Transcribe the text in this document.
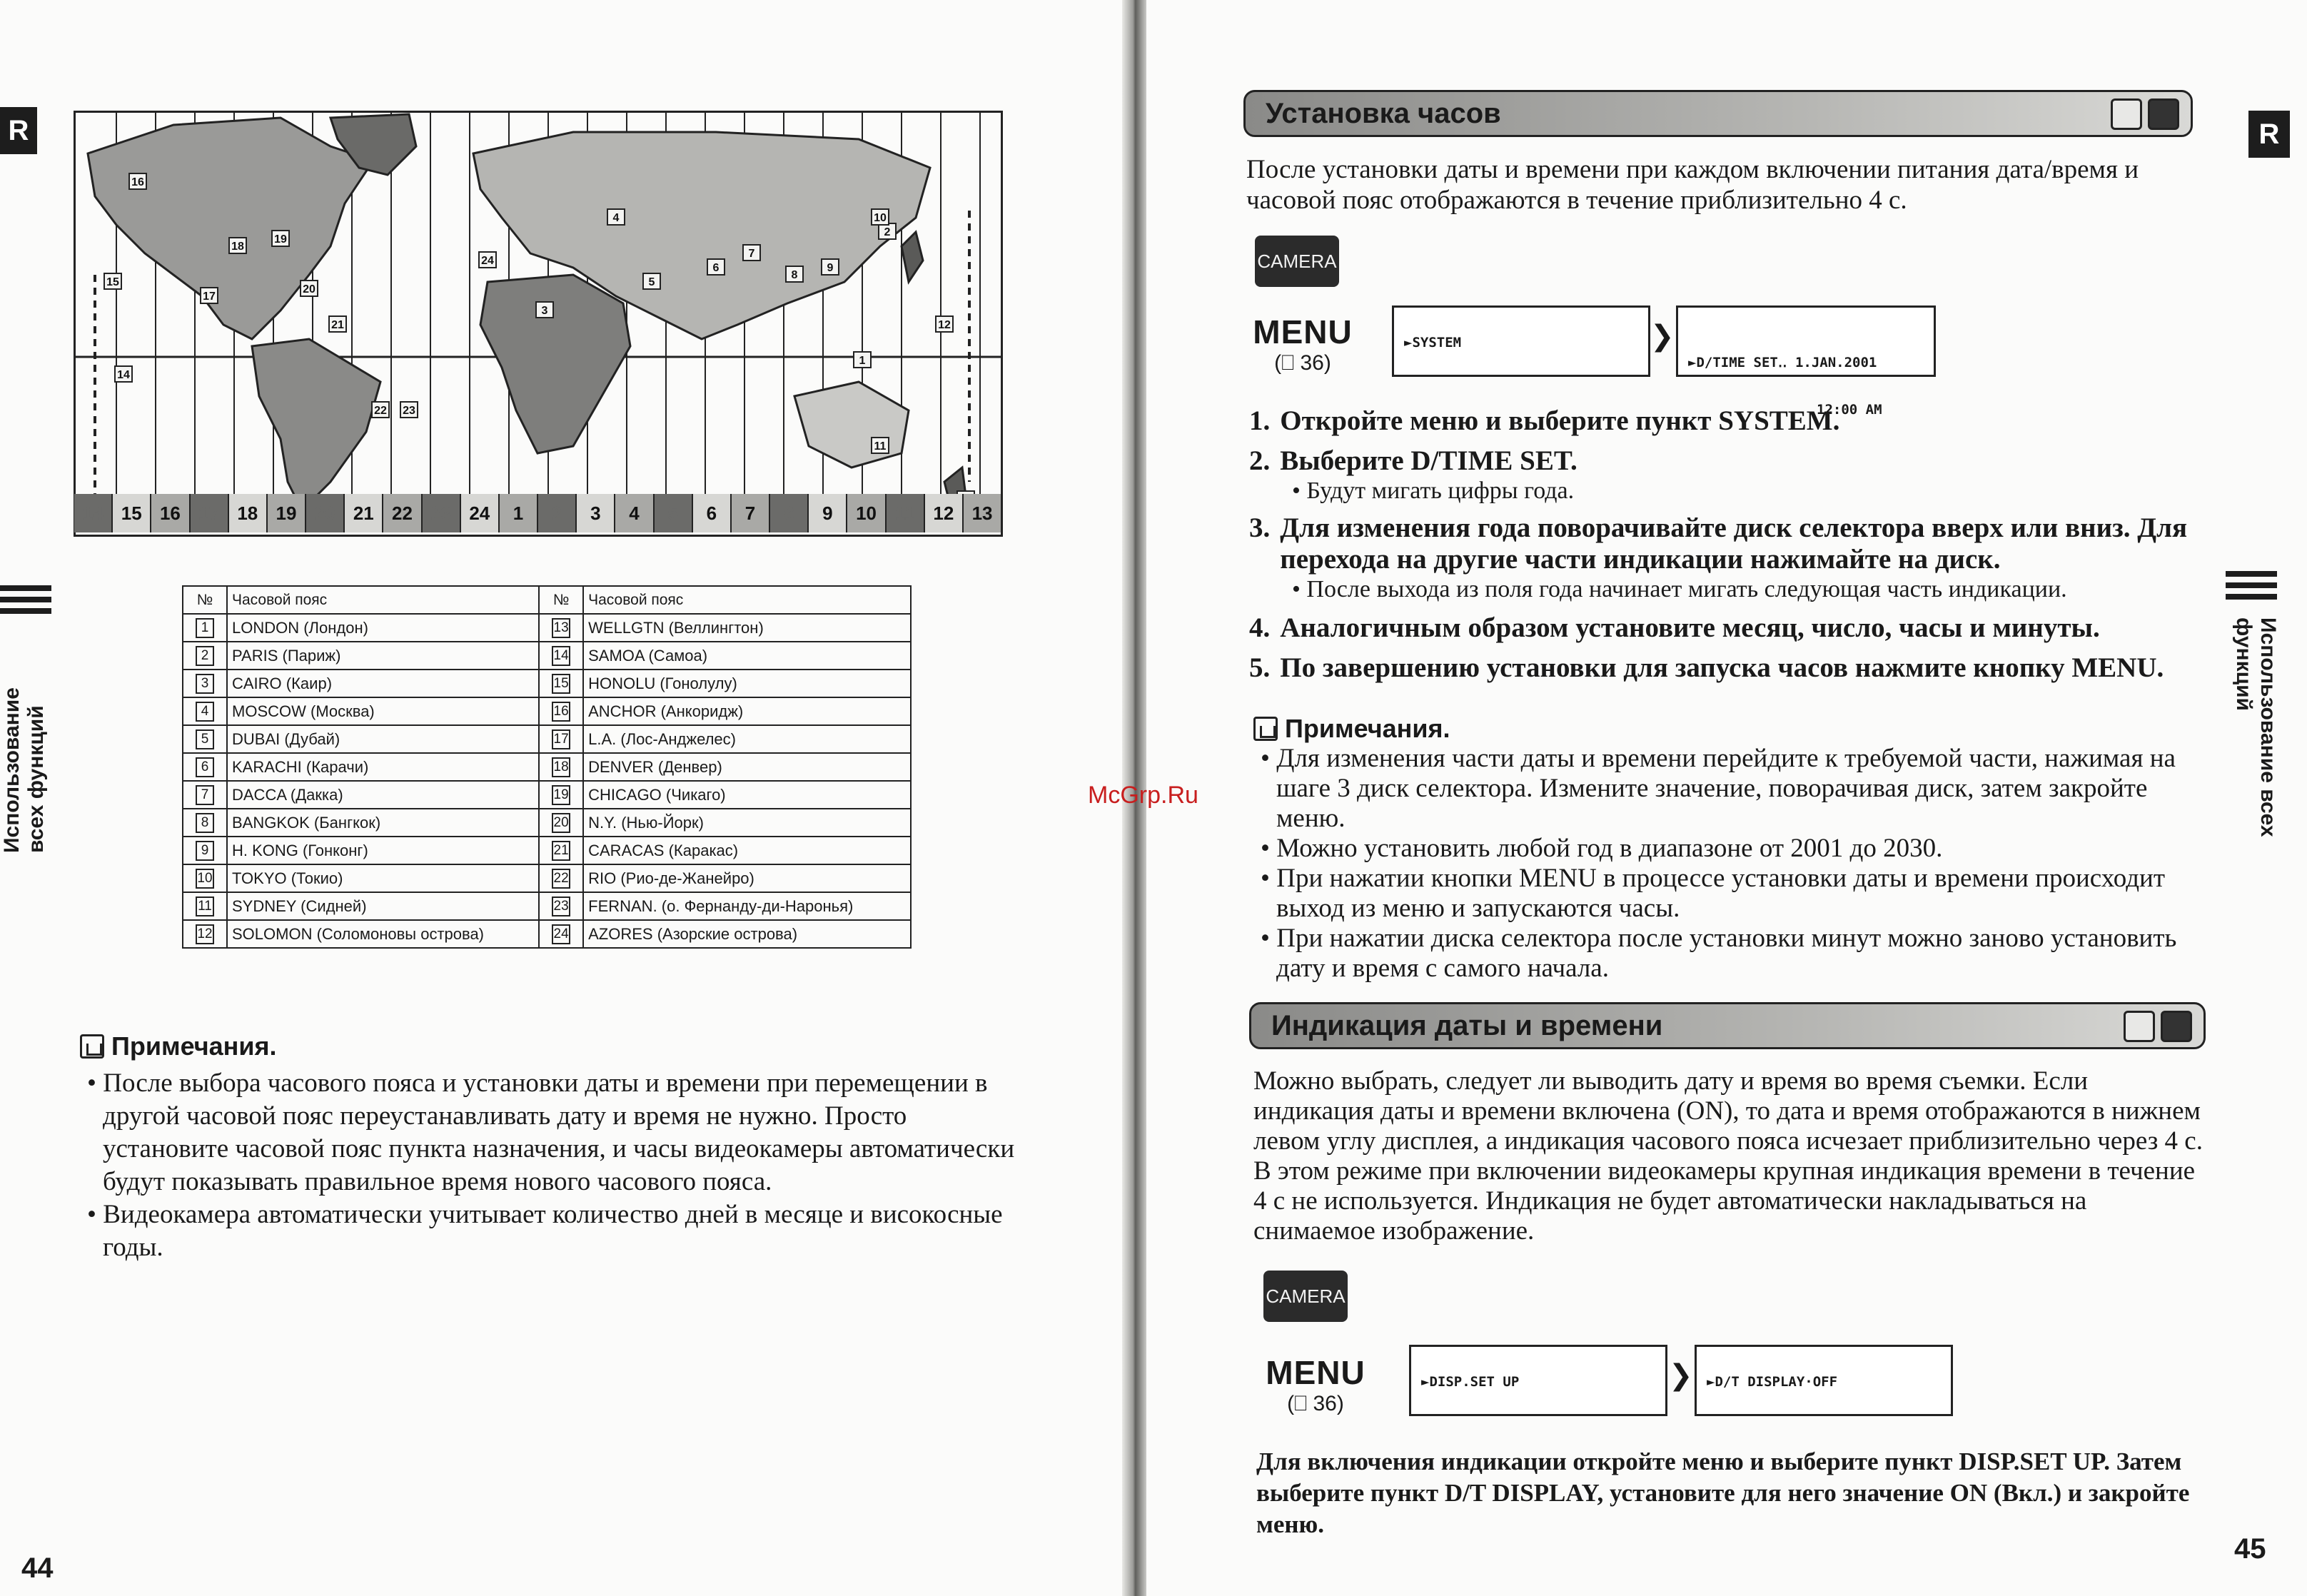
R
Использование всех функций
1
2
3
4
5
6
7
8
9
10
11
12
14
15
16
17
18
19
20
21
22 23
24
14 15 16 17 18 19 20 21 22 23 24	1	2	3	4	5	6	7	8	9	10 11 12 13
№	Часовой пояс	№	Часовой пояс
1	LONDON (Лондон)	13	WELLGTN (Веллингтон)
2	PARIS (Париж)	14	SAMOA (Самоа)
3	CAIRO (Каир)	15	HONOLU (Гонолулу)
4	MOSCOW (Москва)	16	ANCHOR (Анкоридж)
5	DUBAI (Дубай)	17	L.A. (Лос-Анджелес)
6	KARACHI (Карачи)	18	DENVER (Денвер)
7	DACCA (Дакка)	19	CHICAGO (Чикаго)
8	BANGKOK (Бангкок)	20	N.Y. (Нью-Йорк)
9	H. KONG (Гонконг)	21	CARACAS (Каракас)
10	TOKYO (Токио)	22	RIO (Рио-де-Жанейро)
11	SYDNEY (Сидней)	23	FERNAN. (о. Фернанду-ди-Наронья)
12	SOLOMON (Соломоновы острова)	24	AZORES (Азорские острова)
Примечания.
• После выбора часового пояса и установки даты и времени при перемещении в другой часовой пояс переустанавливать дату и время не нужно. Просто установите часовой пояс пункта назначения, и часы видеокамеры автоматически будут показывать правильное время нового часового пояса.
• Видеокамера автоматически учитывает количество дней в месяце и високосные годы.
44
McGrp.Ru
R
Использование всех функций
Установка часов
После установки даты и времени при каждом включении питания дата/время и часовой пояс отображаются в течение приблизительно 4 с.
CAMERA
MENU
(⎕ 36)
►SYSTEM	❯

►D/TIME SET‥ 1.JAN.2001

12:00 AM

1. Откройте меню и выберите пункт SYSTEM.
2. Выберите D/TIME SET.
• Будут мигать цифры года.
3. Для изменения года поворачивайте диск селектора вверх или вниз. Для перехода на другие части индикации нажимайте на диск.
• После выхода из поля года начинает мигать следующая часть индикации.
4. Аналогичным образом установите месяц, число, часы и минуты.
5. По завершению установки для запуска часов нажмите кнопку MENU.
Примечания.
• Для изменения части даты и времени перейдите к требуемой части, нажимая на шаге 3 диск селектора. Измените значение, поворачивая диск, затем закройте меню.
• Можно установить любой год в диапазоне от 2001 до 2030.
• При нажатии кнопки MENU в процессе установки даты и времени происходит выход из меню и запускаются часы.
• При нажатии диска селектора после установки минут можно заново установить дату и время с самого начала.
Индикация даты и времени
Можно выбрать, следует ли выводить дату и время во время съемки. Если индикация даты и времени включена (ON), то дата и время отображаются в нижнем левом углу дисплея, а индикация часового пояса исчезает приблизительно через 4 с. В этом режиме при включении видеокамеры крупная индикация времени в течение 4 с не используется. Индикация не будет автоматически накладываться на снимаемое изображение.
CAMERA
MENU
(⎕ 36)
►DISP.SET UP	❯	►D/T DISPLAY·OFF
Для включения индикации откройте меню и выберите пункт DISP.SET UP. Затем выберите пункт D/T DISPLAY, установите для него значение ON (Вкл.) и закройте меню.
45
